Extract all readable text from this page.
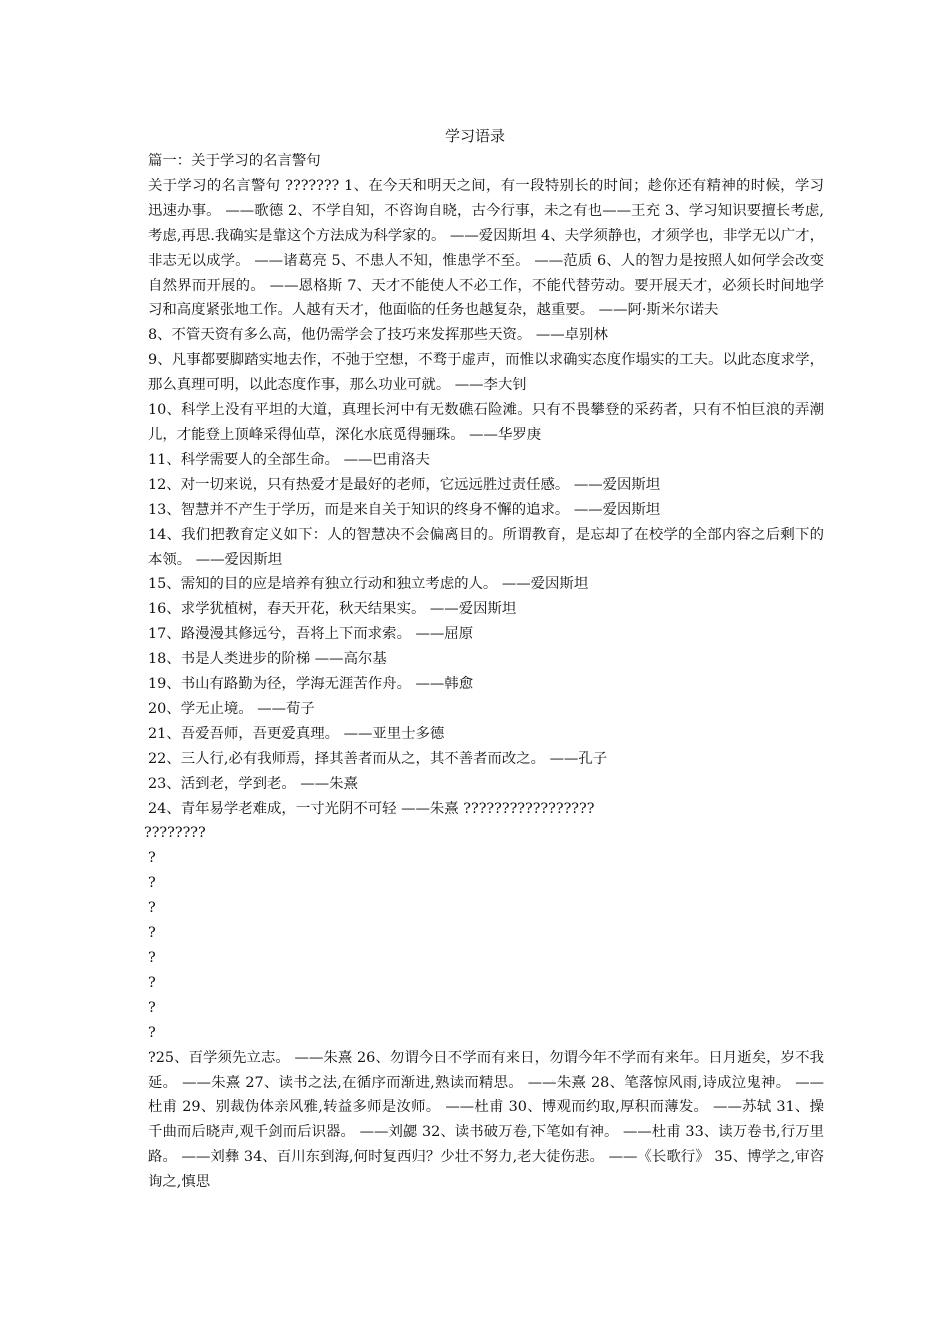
学习语录

篇一：关于学习的名言警句

关于学习的名言警句 ??????? 1、在今天和明天之间，有一段特别长的时间；趁你还有精神的时候，学习迅速办事。 ——歌德 2、不学自知，不咨询自晓，古今行事，未之有也——王充 3、学习知识要擅长考虑,考虑,再思.我确实是靠这个方法成为科学家的。 ——爱因斯坦 4、夫学须静也，才须学也，非学无以广才，非志无以成学。 ——诸葛亮 5、不患人不知，惟患学不至。 ——范质 6、人的智力是按照人如何学会改变自然界而开展的。 ——恩格斯 7、天才不能使人不必工作，不能代替劳动。要开展天才，必须长时间地学习和高度紧张地工作。人越有天才，他面临的任务也越复杂，越重要。 ——阿·斯米尔诺夫

8、不管天资有多么高，他仍需学会了技巧来发挥那些天资。 ——卓别林

9、凡事都要脚踏实地去作，不弛于空想，不骛于虚声，而惟以求确实态度作塌实的工夫。以此态度求学，那么真理可明，以此态度作事，那么功业可就。 ——李大钊

10、科学上没有平坦的大道，真理长河中有无数礁石险滩。只有不畏攀登的采药者，只有不怕巨浪的弄潮儿，才能登上顶峰采得仙草，深化水底觅得骊珠。 ——华罗庚

11、科学需要人的全部生命。 ——巴甫洛夫

12、对一切来说，只有热爱才是最好的老师，它远远胜过责任感。 ——爱因斯坦

13、智慧并不产生于学历，而是来自关于知识的终身不懈的追求。 ——爱因斯坦

14、我们把教育定义如下：人的智慧决不会偏离目的。所谓教育，是忘却了在校学的全部内容之后剩下的本领。 ——爱因斯坦

15、需知的目的应是培养有独立行动和独立考虑的人。 ——爱因斯坦

16、求学犹植树，春天开花，秋天结果实。 ——爱因斯坦

17、路漫漫其修远兮，吾将上下而求索。 ——屈原

18、书是人类进步的阶梯 ——高尔基

19、书山有路勤为径，学海无涯苦作舟。 ——韩愈

20、学无止境。 ——荀子

21、吾爱吾师，吾更爱真理。 ——亚里士多德

22、三人行,必有我师焉，择其善者而从之，其不善者而改之。 ——孔子

23、活到老，学到老。 ——朱熹

24、青年易学老难成，一寸光阴不可轻 ——朱熹 ?????????????????

????????

?

?

?

?

?

?

?

?

?25、百学须先立志。 ——朱熹 26、勿谓今日不学而有来日，勿谓今年不学而有来年。日月逝矣，岁不我延。 ——朱熹 27、读书之法,在循序而渐进,熟读而精思。 ——朱熹 28、笔落惊风雨,诗成泣鬼神。 ——杜甫 29、别裁伪体亲风雅,转益多师是汝师。 ——杜甫 30、博观而约取,厚积而薄发。 ——苏轼 31、操千曲而后晓声,观千剑而后识器。 ——刘勰 32、读书破万卷,下笔如有神。 ——杜甫 33、读万卷书,行万里路。 ——刘彝 34、百川东到海,何时复西归？少壮不努力,老大徒伤悲。 ——《长歌行》 35、博学之,审咨询之,慎思
